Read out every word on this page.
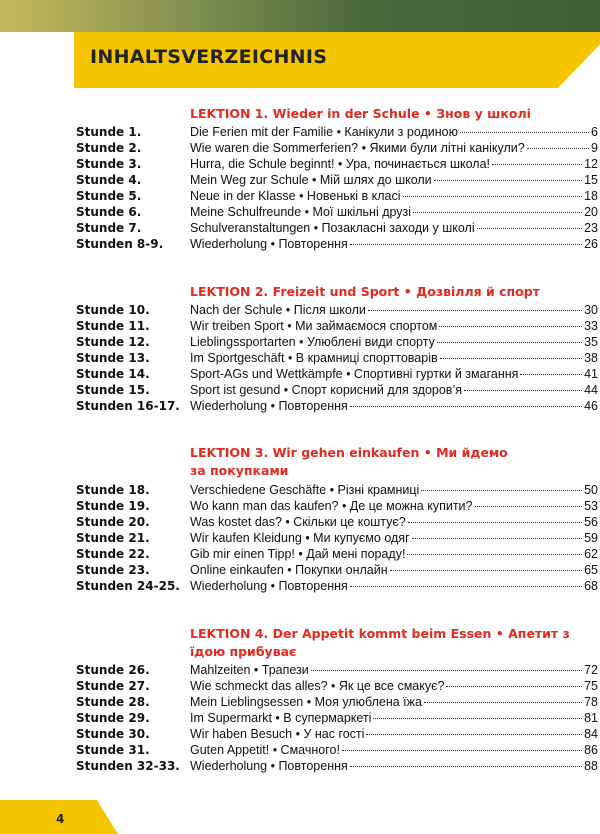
INHALTSVERZEICHNIS
LEKTION 1. Wieder in der Schule • Знов у школі
Stunde 1.	Die Ferien mit der Familie • Канікули з родиною	6
Stunde 2.	Wie waren die Sommerferien? • Якими були літні канікули?	9
Stunde 3.	Hurra, die Schule beginnt! • Ура, починається школа!	12
Stunde 4.	Mein Weg zur Schule • Мій шлях до школи	15
Stunde 5.	Neue in der Klasse • Новенькі в класі	18
Stunde 6.	Meine Schulfreunde • Мої шкільні друзі	20
Stunde 7.	Schulveranstaltungen • Позакласні заходи у школі	23
Stunden 8-9. Wiederholung • Повторення	26
LEKTION 2. Freizeit und Sport • Дозвілля й спорт
Stunde 10.	Nach der Schule • Після школи	30
Stunde 11.	Wir treiben Sport • Ми займаємося спортом	33
Stunde 12.	Lieblingssportarten • Улюблені види спорту	35
Stunde 13.	Im Sportgeschäft • В крамниці спорттоварів	38
Stunde 14.	Sport-AGs und Wettkämpfe • Спортивні гуртки й змагання	41
Stunde 15.	Sport ist gesund • Спорт корисний для здоров’я	44
Stunden 16-17. Wiederholung • Повторення	46
LEKTION 3. Wir gehen einkaufen • Ми йдемо за покупками
Stunde 18.	Verschiedene Geschäfte • Різні крамниці	50
Stunde 19.	Wo kann man das kaufen? • Де це можна купити?	53
Stunde 20.	Was kostet das? • Скільки це коштує?	56
Stunde 21.	Wir kaufen Kleidung • Ми купуємо одяг	59
Stunde 22.	Gib mir einen Tipp! • Дай мені пораду!	62
Stunde 23.	Online einkaufen • Покупки онлайн	65
Stunden 24-25. Wiederholung • Повторення	68
LEKTION 4. Der Appetit kommt beim Essen • Апетит з їдою прибуває
Stunde 26.	Mahlzeiten • Трапези	72
Stunde 27.	Wie schmeckt das alles? • Як це все смакує?	75
Stunde 28.	Mein Lieblingsessen • Моя улюблена їжа	78
Stunde 29.	Im Supermarkt • В супермаркеті	81
Stunde 30.	Wir haben Besuch • У нас гості	84
Stunde 31.	Guten Appetit! • Смачного!	86
Stunden 32-33. Wiederholung • Повторення	88
4
